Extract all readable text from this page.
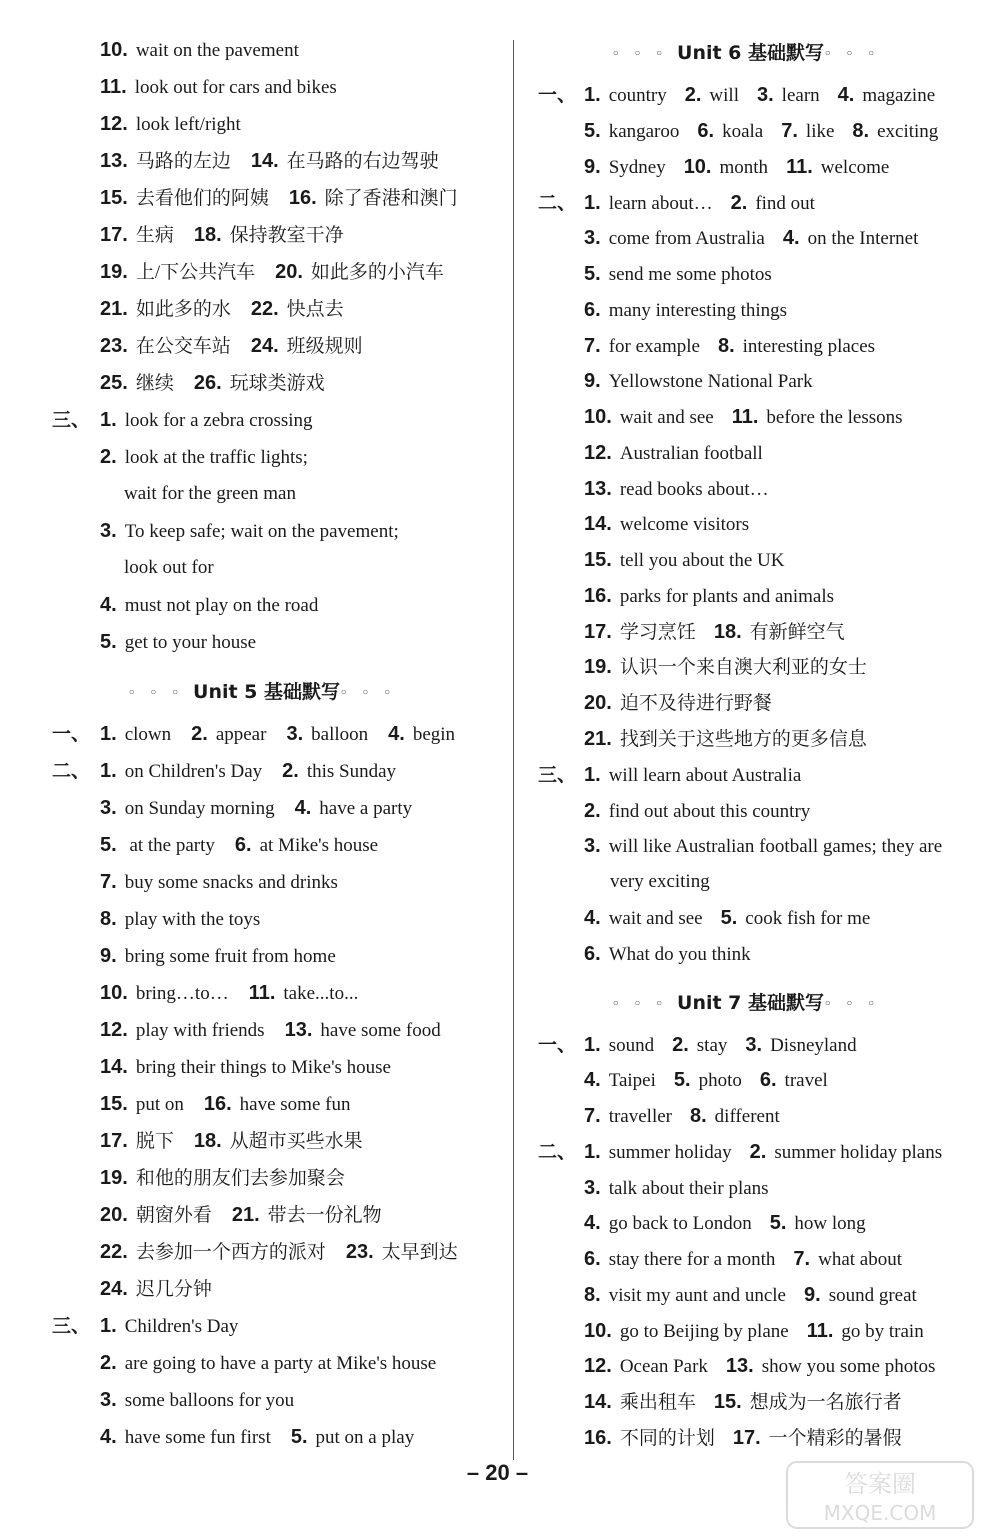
10. wait on the pavement
11. look out for cars and bikes
12. look left/right
13. 马路的左边 14. 在马路的右边驾驶
15. 去看他们的阿姨 16. 除了香港和澳门
17. 生病 18. 保持教室干净
19. 上/下公共汽车 20. 如此多的小汽车
21. 如此多的水 22. 快点去
23. 在公交车站 24. 班级规则
25. 继续 26. 玩球类游戏
三、 1. look for a zebra crossing
2. look at the traffic lights;
wait for the green man
3. To keep safe; wait on the pavement;
look out for
4. must not play on the road
5. get to your house
一、 1. clown 2. appear 3. balloon 4. begin
二、 1. on Children's Day 2. this Sunday
3. on Sunday morning 4. have a party
5. at the party 6. at Mike's house
7. buy some snacks and drinks
8. play with the toys
9. bring some fruit from home
10. bring…to… 11. take...to...
12. play with friends 13. have some food
14. bring their things to Mike's house
15. put on 16. have some fun
17. 脱下 18. 从超市买些水果
19. 和他的朋友们去参加聚会
20. 朝窗外看 21. 带去一份礼物
22. 去参加一个西方的派对 23. 太早到达
24. 迟几分钟
三、 1. Children's Day
2. are going to have a party at Mike's house
3. some balloons for you
4. have some fun first 5. put on a play
一、 1. country 2. will 3. learn 4. magazine
5. kangaroo 6. koala 7. like 8. exciting
9. Sydney 10. month 11. welcome
二、 1. learn about… 2. find out
3. come from Australia 4. on the Internet
5. send me some photos
6. many interesting things
7. for example 8. interesting places
9. Yellowstone National Park
10. wait and see 11. before the lessons
12. Australian football
13. read books about…
14. welcome visitors
15. tell you about the UK
16. parks for plants and animals
17. 学习烹饪 18. 有新鲜空气
19. 认识一个来自澳大利亚的女士
20. 迫不及待进行野餐
21. 找到关于这些地方的更多信息
三、 1. will learn about Australia
2. find out about this country
3. will like Australian football games; they are
very exciting
4. wait and see 5. cook fish for me
6. What do you think
一、 1. sound 2. stay 3. Disneyland
4. Taipei 5. photo 6. travel
7. traveller 8. different
二、 1. summer holiday 2. summer holiday plans
3. talk about their plans
4. go back to London 5. how long
6. stay there for a month 7. what about
8. visit my aunt and uncle 9. sound great
10. go to Beijing by plane 11. go by train
12. Ocean Park 13. show you some photos
14. 乘出租车 15. 想成为一名旅行者
16. 不同的计划 17. 一个精彩的暑假
◦◦◦Unit 5 基础默写◦◦◦
◦◦◦Unit 6 基础默写◦◦◦
◦◦◦Unit 7 基础默写◦◦◦
– 20 –	答案圈
MXQE.COM
